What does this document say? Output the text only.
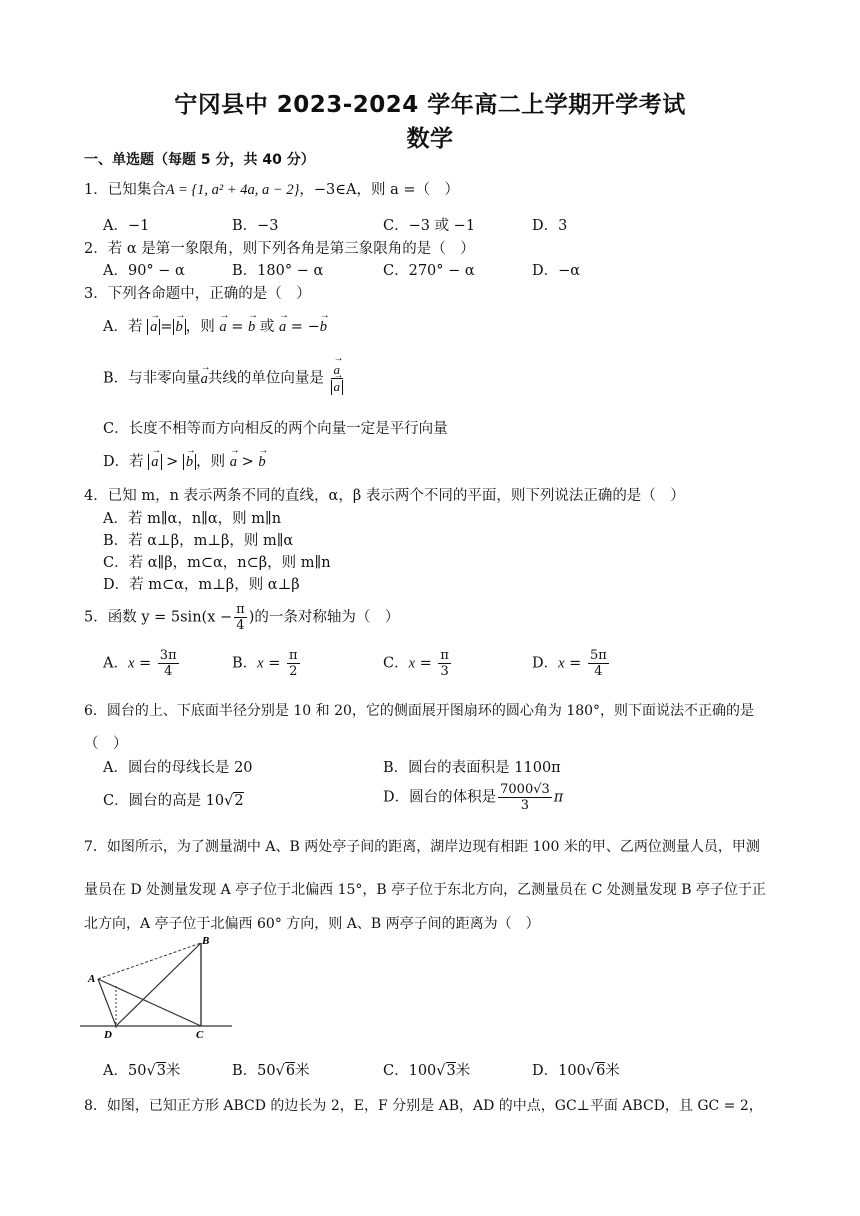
宁冈县中 2023-2024 学年高二上学期开学考试
数学
一、单选题（每题 5 分，共 40 分）
1．已知集合A = {1, a² + 4a, a − 2}，−3∈A，则 a =（　）
A．−1	B．−3	C．−3 或 −1	D．3
2．若 α 是第一象限角，则下列各角是第三象限角的是（　）
A．90° − α	B．180° − α	C．270° − α	D．−α
3．下列各命题中，正确的是（　）
A．若 → a = → b ，则 → a = → b 或 → a = −→ b
B．与非零向量→ a共线的单位向量是 → a
→ a
C．长度不相等而方向相反的两个向量一定是平行向量
D．若 → a > → b ，则 → a > → b
4．已知 m，n 表示两条不同的直线，α，β 表示两个不同的平面，则下列说法正确的是（　）
A．若 m∥α，n∥α，则 m∥n
B．若 α⊥β，m⊥β，则 m∥α
C．若 α∥β，m⊂α，n⊂β，则 m∥n
D．若 m⊂α，m⊥β，则 α⊥β
5．函数 $y = 5\sin(x - \frac{\pi}{4}$ )的一条对称轴为（　）
A．$x = \frac{3\pi}{4}$	B．$x = \frac{\pi}{2}$	C．$x = \frac{\pi}{3}$	D．$x = \frac{5\pi}{4}$
6．圆台的上、下底面半径分别是 10 和 20，它的侧面展开图扇环的圆心角为 180°，则下面说法不正确的是
（　）
A．圆台的母线长是 20	B．圆台的表面积是 1100π
C．圆台的高是 10√2	D．圆台的体积是 $\frac{7000√3}{3}$ π
7．如图所示，为了测量湖中 A、B 两处亭子间的距离，湖岸边现有相距 100 米的甲、乙两位测量人员，甲测
量员在 D 处测量发现 A 亭子位于北偏西 15°，B 亭子位于东北方向，乙测量员在 C 处测量发现 B 亭子位于正
北方向，A 亭子位于北偏西 60° 方向，则 A、B 两亭子间的距离为（　）
A
B
C
D
A．50√3米	B．50√6米	C．100√3米	D．100√6米
8．如图，已知正方形 ABCD 的边长为 2，E，F 分别是 AB，AD 的中点，GC⊥平面 ABCD，且 GC = 2，
